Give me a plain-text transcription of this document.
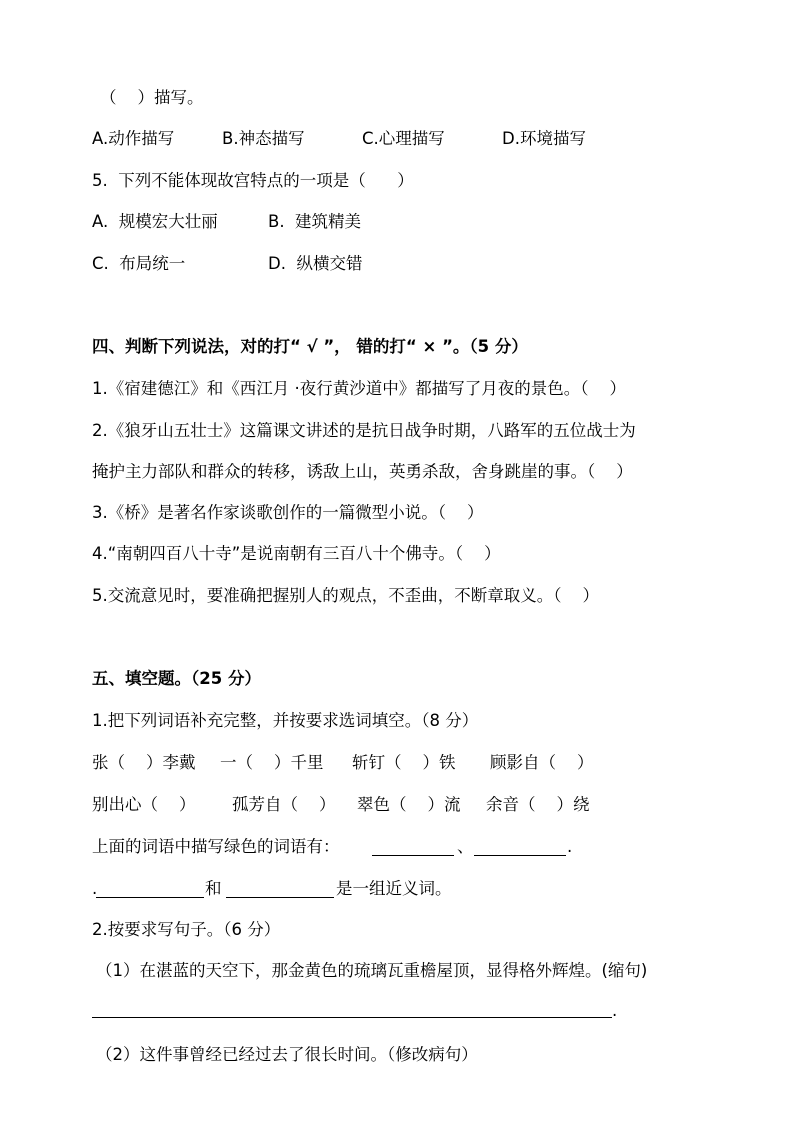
（    ）描写。
A.动作描写	B.神态描写	C.心理描写	D.环境描写
5.  下列不能体现故宫特点的一项是（      ）
A.  规模宏大壮丽	B.  建筑精美
C.  布局统一	D.  纵横交错
四、判断下列说法，对的打“ √ ”， 错的打“ × ”。（5 分）
1.《宿建德江》和《西江月 ·夜行黄沙道中》都描写了月夜的景色。（    ）
2.《狼牙山五壮士》这篇课文讲述的是抗日战争时期，八路军的五位战士为
掩护主力部队和群众的转移，诱敌上山，英勇杀敌，舍身跳崖的事。（    ）
3.《桥》是著名作家谈歌创作的一篇微型小说。（    ）
4.“南朝四百八十寺”是说南朝有三百八十个佛寺。（    ）
5.交流意见时，要准确把握别人的观点，不歪曲，不断章取义。（    ）
五、填空题。（25 分）
1.把下列词语补充完整，并按要求选词填空。（8 分）
张（    ）李戴 一（    ）千里 斩钉（    ）铁 顾影自（    ）
别出心（    ） 孤芳自（    ） 翠色（    ）流 余音（    ）绕
上面的词语中描写绿色的词语有：	、	.
.	和	是一组近义词。
2.按要求写句子。（6 分）
（1）在湛蓝的天空下，那金黄色的琉璃瓦重檐屋顶，显得格外辉煌。(缩句)
.
（2）这件事曾经已经过去了很长时间。（修改病句）
